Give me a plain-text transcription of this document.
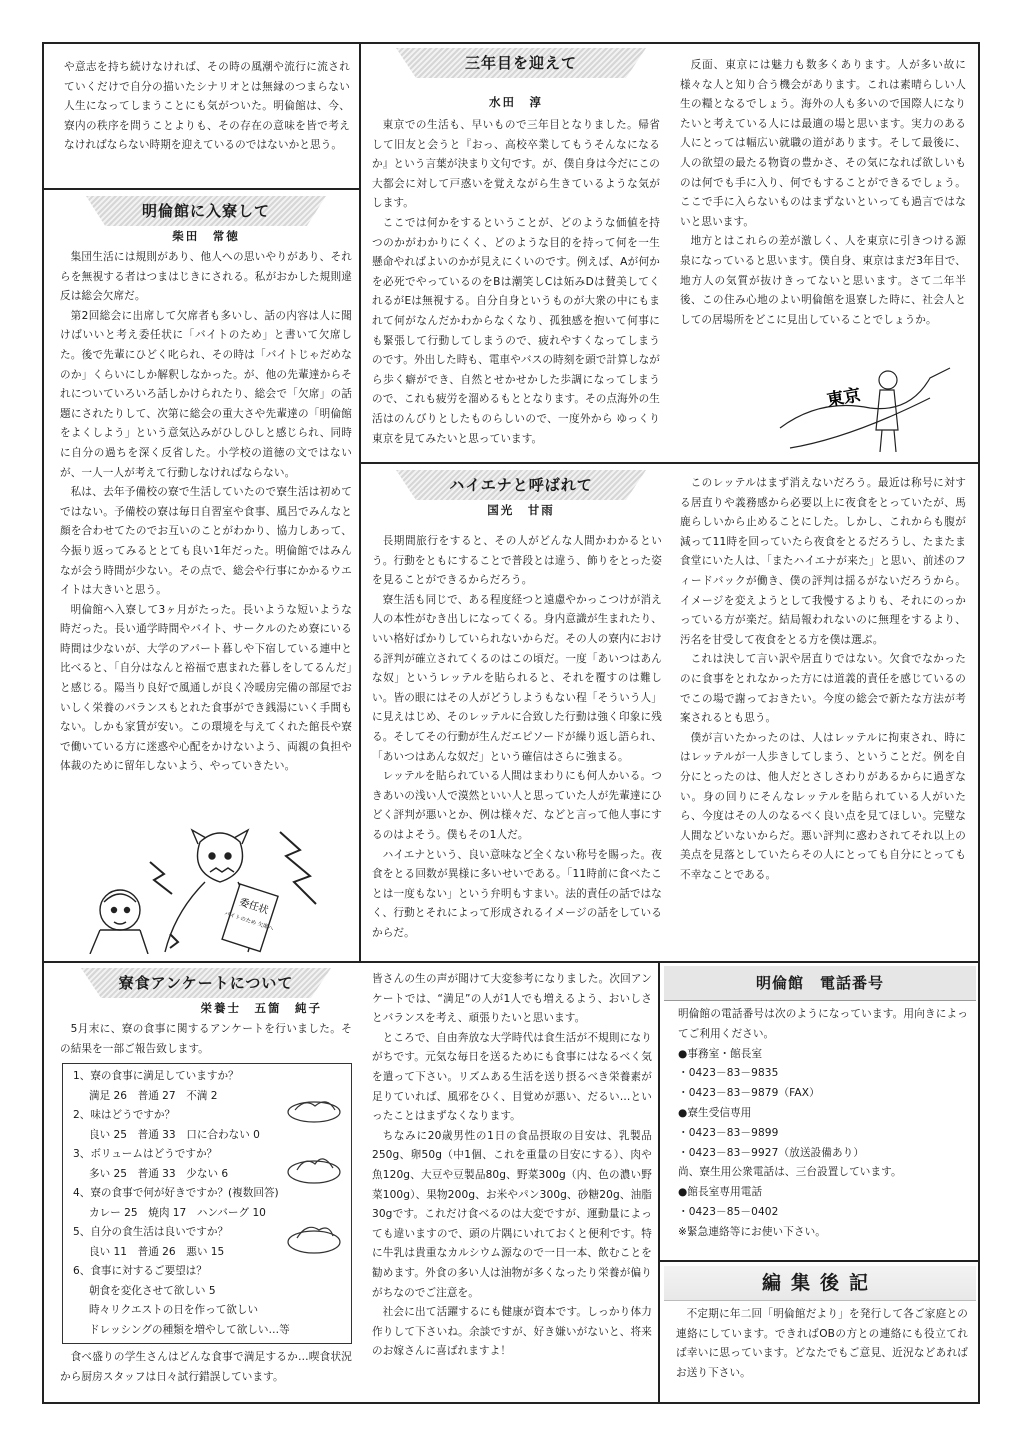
や意志を持ち続けなければ、その時の風潮や流行に流されていくだけで自分の描いたシナリオとは無縁のつまらない人生になってしまうことにも気がついた。明倫館は、今、寮内の秩序を問うことよりも、その存在の意味を皆で考えなければならない時期を迎えているのではないかと思う。

明倫館に入寮して
柴田　常徳

集団生活には規則があり、他人への思いやりがあり、それらを無視する者はつまはじきにされる。私がおかした規則違反は総会欠席だ。

第2回総会に出席して欠席者も多いし、話の内容は人に聞けばいいと考え委任状に「バイトのため」と書いて欠席した。後で先輩にひどく叱られ、その時は「バイトじゃだめなのか」くらいにしか解釈しなかった。が、他の先輩達からそれについていろいろ話しかけられたり、総会で「欠席」の話題にされたりして、次第に総会の重大さや先輩達の「明倫館をよくしよう」という意気込みがひしひしと感じられ、同時に自分の過ちを深く反省した。小学校の道徳の文ではないが、一人一人が考えて行動しなければならない。

私は、去年予備校の寮で生活していたので寮生活は初めてではない。予備校の寮は毎日自習室や食事、風呂でみんなと顔を合わせてたのでお互いのことがわかり、協力しあって、今振り返ってみるととても良い1年だった。明倫館ではみんなが会う時間が少ない。その点で、総会や行事にかかるウエイトは大きいと思う。

明倫館へ入寮して3ヶ月がたった。長いような短いような時だった。長い通学時間やバイト、サークルのため寮にいる時間は少ないが、大学のアパート暮しや下宿している連中と比べると、「自分はなんと裕福で恵まれた暮しをしてるんだ」と感じる。陽当り良好で風通しが良く冷暖房完備の部屋でおいしく栄養のバランスもとれた食事ができ銭湯にいく手間もない。しかも家賃が安い。この環境を与えてくれた館長や寮で働いている方に迷惑や心配をかけないよう、両親の負担や体裁のために留年しないよう、やっていきたい。

委任状
バイトのため 欠席へ
三年目を迎えて
水田　淳

東京での生活も、早いもので三年目となりました。帰省して旧友と会うと『おっ、高校卒業してもうそんなになるか』という言葉が決まり文句です。が、僕自身は今だにこの大都会に対して戸惑いを覚えながら生きているような気がします。

ここでは何かをするということが、どのような価値を持つのかがわかりにくく、どのような目的を持って何を一生懸命やればよいのかが見えにくいのです。例えば、Aが何かを必死でやっているのをBは潮笑しCは妬みDは賛美してくれるがEは無視する。自分自身というものが大衆の中にもまれて何がなんだかわからなくなり、孤独感を抱いて何事にも緊張して行動してしまうので、疲れやすくなってしまうのです。外出した時も、電車やバスの時刻を頭で計算しながら歩く癖ができ、自然とせかせかした歩調になってしまうので、これも疲労を溜めるもととなります。その点海外の生活はのんびりとしたものらしいので、一度外から ゆっくり東京を見てみたいと思っています。

反面、東京には魅力も数多くあります。人が多い故に様々な人と知り合う機会があります。これは素晴らしい人生の糧となるでしょう。海外の人も多いので国際人になりたいと考えている人には最適の場と思います。実力のある人にとっては幅広い就職の道があります。そして最後に、人の欲望の最たる物資の豊かさ、その気になれば欲しいものは何でも手に入り、何でもすることができるでしょう。ここで手に入らないものはまずないといっても過言ではないと思います。

地方とはこれらの差が激しく、人を東京に引きつける源泉になっていると思います。僕自身、東京はまだ3年目で、地方人の気質が抜けきってないと思います。さて二年半後、この住み心地のよい明倫館を退寮した時に、社会人としての居場所をどこに見出していることでしょうか。

東京
ハイエナと呼ばれて
国光　甘雨

長期間旅行をすると、その人がどんな人間かわかるという。行動をともにすることで普段とは違う、飾りをとった姿を見ることができるからだろう。

寮生活も同じで、ある程度経つと遠慮やかっこつけが消え人の本性がむき出しになってくる。身内意識が生まれたり、いい格好ばかりしていられないからだ。その人の寮内における評判が確立されてくるのはこの頃だ。一度「あいつはあんな奴」というレッテルを貼られると、それを覆すのは難しい。皆の眼にはその人がどうしようもない程「そういう人」に見えはじめ、そのレッテルに合致した行動は強く印象に残る。そしてその行動が生んだエピソードが繰り返し語られ、「あいつはあんな奴だ」という確信はさらに強まる。

レッテルを貼られている人間はまわりにも何人かいる。つきあいの浅い人で漠然といい人と思っていた人が先輩達にひどく評判が悪いとか、例は様々だ、などと言って他人事にするのはよそう。僕もその1人だ。

ハイエナという、良い意味など全くない称号を賜った。夜食をとる回数が異様に多いせいである。「11時前に食べたことは一度もない」という弁明もすまい。法的責任の話ではなく、行動とそれによって形成されるイメージの話をしているからだ。

このレッテルはまず消えないだろう。最近は称号に対する居直りや義務感から必要以上に夜食をとっていたが、馬鹿らしいから止めることにした。しかし、これからも腹が減って11時を回っていたら夜食をとるだろうし、たまたま食堂にいた人は、「またハイエナが来た」と思い、前述のフィードバックが働き、僕の評判は揺るがないだろうから。イメージを変えようとして我慢するよりも、それにのっかっている方が楽だ。結局報われないのに無理をするより、汚名を甘受して夜食をとる方を僕は選ぶ。

これは決して言い訳や居直りではない。欠食でなかったのに食事をとれなかった方には道義的責任を感じているのでこの場で謝っておきたい。今度の総会で新たな方法が考案されるとも思う。

僕が言いたかったのは、人はレッテルに拘束され、時にはレッテルが一人歩きしてしまう、ということだ。例を自分にとったのは、他人だとさしさわりがあるからに過ぎない。身の回りにそんなレッテルを貼られている人がいたら、今度はその人のなるべく良い点を見てほしい。完璧な人間などいないからだ。悪い評判に惑わされてそれ以上の美点を見落としていたらその人にとっても自分にとっても不幸なことである。

寮食アンケートについて
栄養士　五箇　純子

5月末に、寮の食事に関するアンケートを行いました。その結果を一部ご報告致します。

1、寮の食事に満足していますか？

満足 26　普通 27　不満 2

2、味はどうですか？

良い 25　普通 33　口に合わない 0

3、ボリュームはどうですか？

多い 25　普通 33　少ない 6

4、寮の食事で何が好きですか？(複数回答)

カレー 25　焼肉 17　ハンバーグ 10

5、自分の食生活は良いですか？

良い 11　普通 26　悪い 15

6、食事に対するご要望は？

朝食を変化させて欲しい 5

時々リクエストの日を作って欲しい

ドレッシングの種類を増やして欲しい…等

食べ盛りの学生さんはどんな食事で満足するか…喫食状況から厨房スタッフは日々試行錯誤しています。

皆さんの生の声が聞けて大変参考になりました。次回アンケートでは、“満足”の人が1人でも増えるよう、おいしさとバランスを考え、頑張りたいと思います。

ところで、自由奔放な大学時代は食生活が不規則になりがちです。元気な毎日を送るためにも食事にはなるべく気を遣って下さい。リズムある生活を送り摂るべき栄養素が足りていれば、風邪をひく、目覚めが悪い、だるい…といったことはまずなくなります。

ちなみに20歳男性の1日の食品摂取の目安は、乳製品250g、卵50g（中1個、これを重量の目安にする）、肉や魚120g、大豆や豆製品80g、野菜300g（内、色の濃い野菜100g）、果物200g、お米やパン300g、砂糖20g、油脂30gです。これだけ食べるのは大変ですが、運動量によっても違いますので、頭の片隅にいれておくと便利です。特に牛乳は貴重なカルシウム源なので一日一本、飲むことを勧めます。外食の多い人は油物が多くなったり栄養が偏りがちなのでご注意を。

社会に出て活躍するにも健康が資本です。しっかり体力作りして下さいね。余談ですが、好き嫌いがないと、将来のお嫁さんに喜ばれますよ！

明倫館　電話番号

明倫館の電話番号は次のようになっています。用向きによってご利用ください。

●事務室・館長室

・0423－83－9835

・0423－83－9879（FAX）

●寮生受信専用

・0423－83－9899

・0423－83－9927（放送設備あり）

尚、寮生用公衆電話は、三台設置しています。

●館長室専用電話

・0423－85－0402

※緊急連絡等にお使い下さい。

編集後記

不定期に年二回「明倫館だより」を発行して各ご家庭との連絡にしています。できればOBの方との連絡にも役立てれば幸いに思っています。どなたでもご意見、近況などあればお送り下さい。
